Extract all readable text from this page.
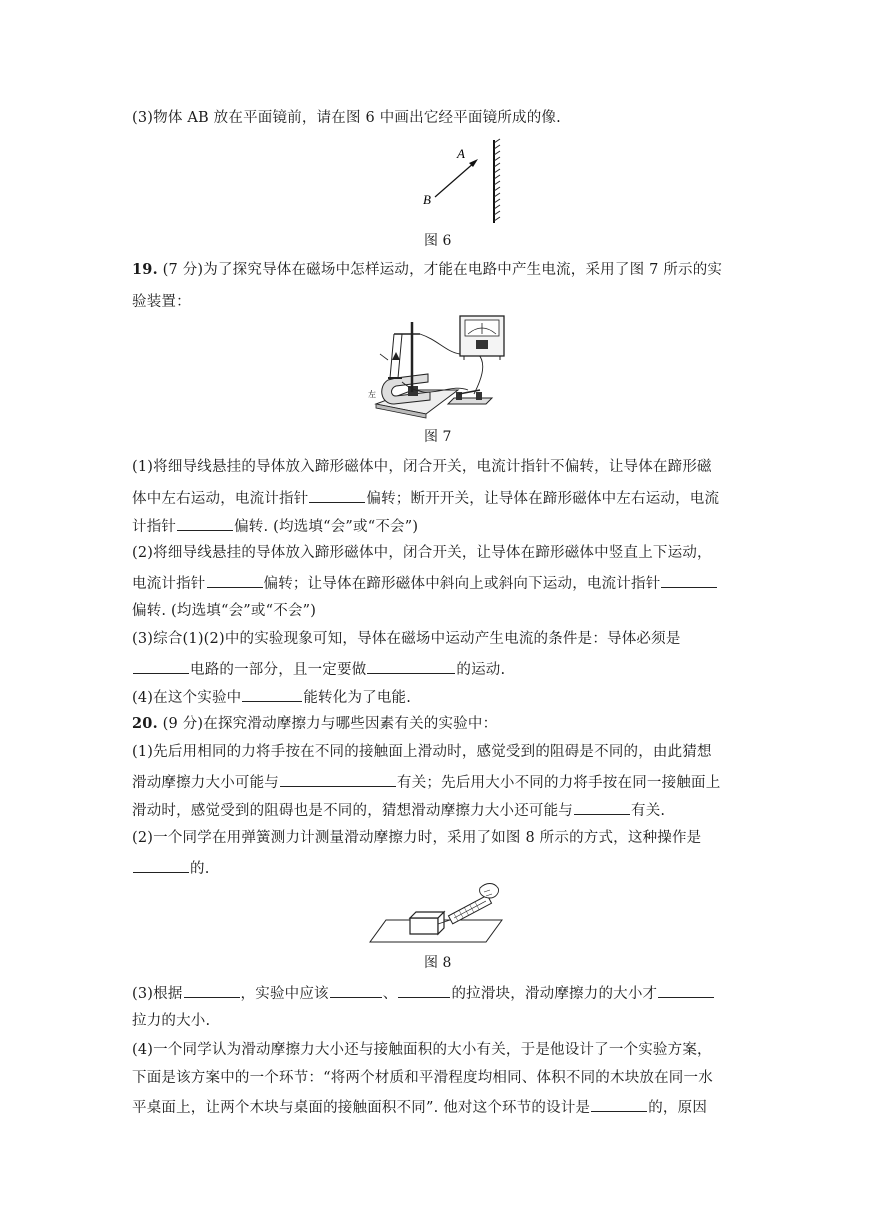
(3)物体 AB 放在平面镜前，请在图 6 中画出它经平面镜所成的像.
A
B
图 6
19. (7 分)为了探究导体在磁场中怎样运动，才能在电路中产生电流，采用了图 7 所示的实
验装置：
左
图 7
(1)将细导线悬挂的导体放入蹄形磁体中，闭合开关，电流计指针不偏转，让导体在蹄形磁
体中左右运动，电流计指针	偏转；断开开关，让导体在蹄形磁体中左右运动，电流
计指针	偏转. (均选填“会”或“不会”)
(2)将细导线悬挂的导体放入蹄形磁体中，闭合开关，让导体在蹄形磁体中竖直上下运动，
电流计指针	偏转；让导体在蹄形磁体中斜向上或斜向下运动，电流计指针
偏转. (均选填“会”或“不会”)
(3)综合(1)(2)中的实验现象可知，导体在磁场中运动产生电流的条件是：导体必须是
电路的一部分，且一定要做	的运动.
(4)在这个实验中	能转化为了电能.
20. (9 分)在探究滑动摩擦力与哪些因素有关的实验中：
(1)先后用相同的力将手按在不同的接触面上滑动时，感觉受到的阻碍是不同的，由此猜想
滑动摩擦力大小可能与	有关；先后用大小不同的力将手按在同一接触面上
滑动时，感觉受到的阻碍也是不同的，猜想滑动摩擦力大小还可能与	有关.
(2)一个同学在用弹簧测力计测量滑动摩擦力时，采用了如图 8 所示的方式，这种操作是
的.
图 8
(3)根据	，实验中应该	、	的拉滑块，滑动摩擦力的大小才
拉力的大小.
(4)一个同学认为滑动摩擦力大小还与接触面积的大小有关，于是他设计了一个实验方案，
下面是该方案中的一个环节：“将两个材质和平滑程度均相同、体积不同的木块放在同一水
平桌面上，让两个木块与桌面的接触面积不同”. 他对这个环节的设计是	的，原因
